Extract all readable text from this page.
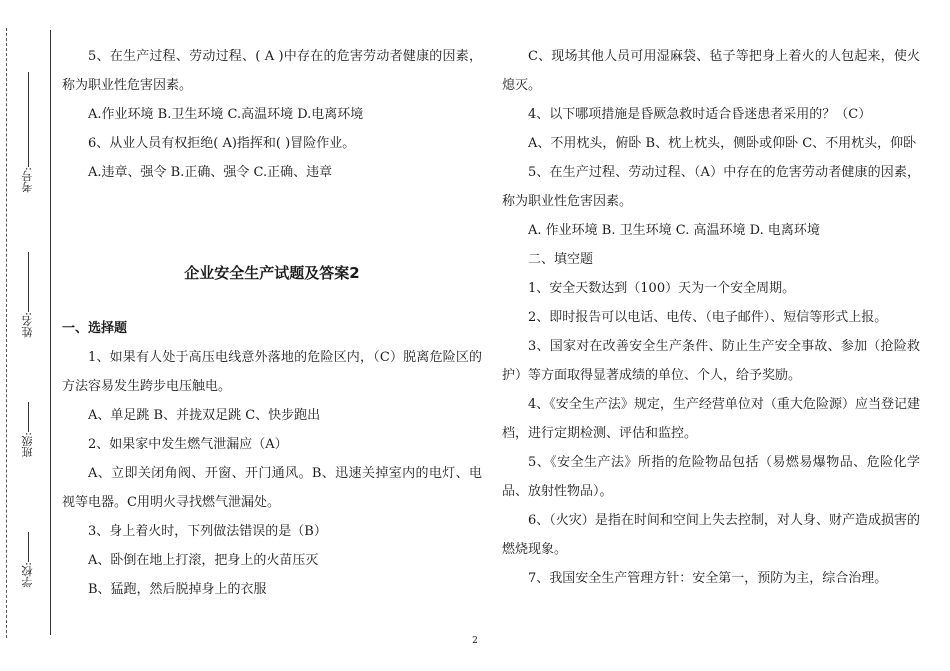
考号:
姓名:
班级:
学校:

5、在生产过程、劳动过程、( A )中存在的危害劳动者健康的因素，称为职业性危害因素。

A.作业环境 B.卫生环境 C.高温环境 D.电离环境

6、从业人员有权拒绝( A)指挥和( )冒险作业。

A.违章、强令 B.正确、强令 C.正确、违章

企业安全生产试题及答案2

一、选择题

1、如果有人处于高压电线意外落地的危险区内，（C）脱离危险区的方法容易发生跨步电压触电。

A、单足跳 B、并拢双足跳 C、快步跑出

2、如果家中发生燃气泄漏应（A）

A、立即关闭角阀、开窗、开门通风。B、迅速关掉室内的电灯、电视等电器。C用明火寻找燃气泄漏处。

3、身上着火时，下列做法错误的是（B）

A、卧倒在地上打滚，把身上的火苗压灭

B、猛跑，然后脱掉身上的衣服

C、现场其他人员可用湿麻袋、毡子等把身上着火的人包起来，使火熄灭。

4、以下哪项措施是昏厥急救时适合昏迷患者采用的？（C）

A、不用枕头，俯卧 B、枕上枕头，侧卧或仰卧 C、不用枕头，仰卧

5、在生产过程、劳动过程、（A）中存在的危害劳动者健康的因素，称为职业性危害因素。

A. 作业环境 B. 卫生环境 C. 高温环境 D. 电离环境

二、填空题

1、安全天数达到（100）天为一个安全周期。

2、即时报告可以电话、电传、（电子邮件）、短信等形式上报。

3、国家对在改善安全生产条件、防止生产安全事故、参加（抢险救护）等方面取得显著成绩的单位、个人，给予奖励。

4、《安全生产法》规定，生产经营单位对（重大危险源）应当登记建档，进行定期检测、评估和监控。

5、《安全生产法》所指的危险物品包括（易燃易爆物品、危险化学品、放射性物品）。

6、（火灾）是指在时间和空间上失去控制，对人身、财产造成损害的燃烧现象。

7、我国安全生产管理方针：安全第一，预防为主，综合治理。

2
